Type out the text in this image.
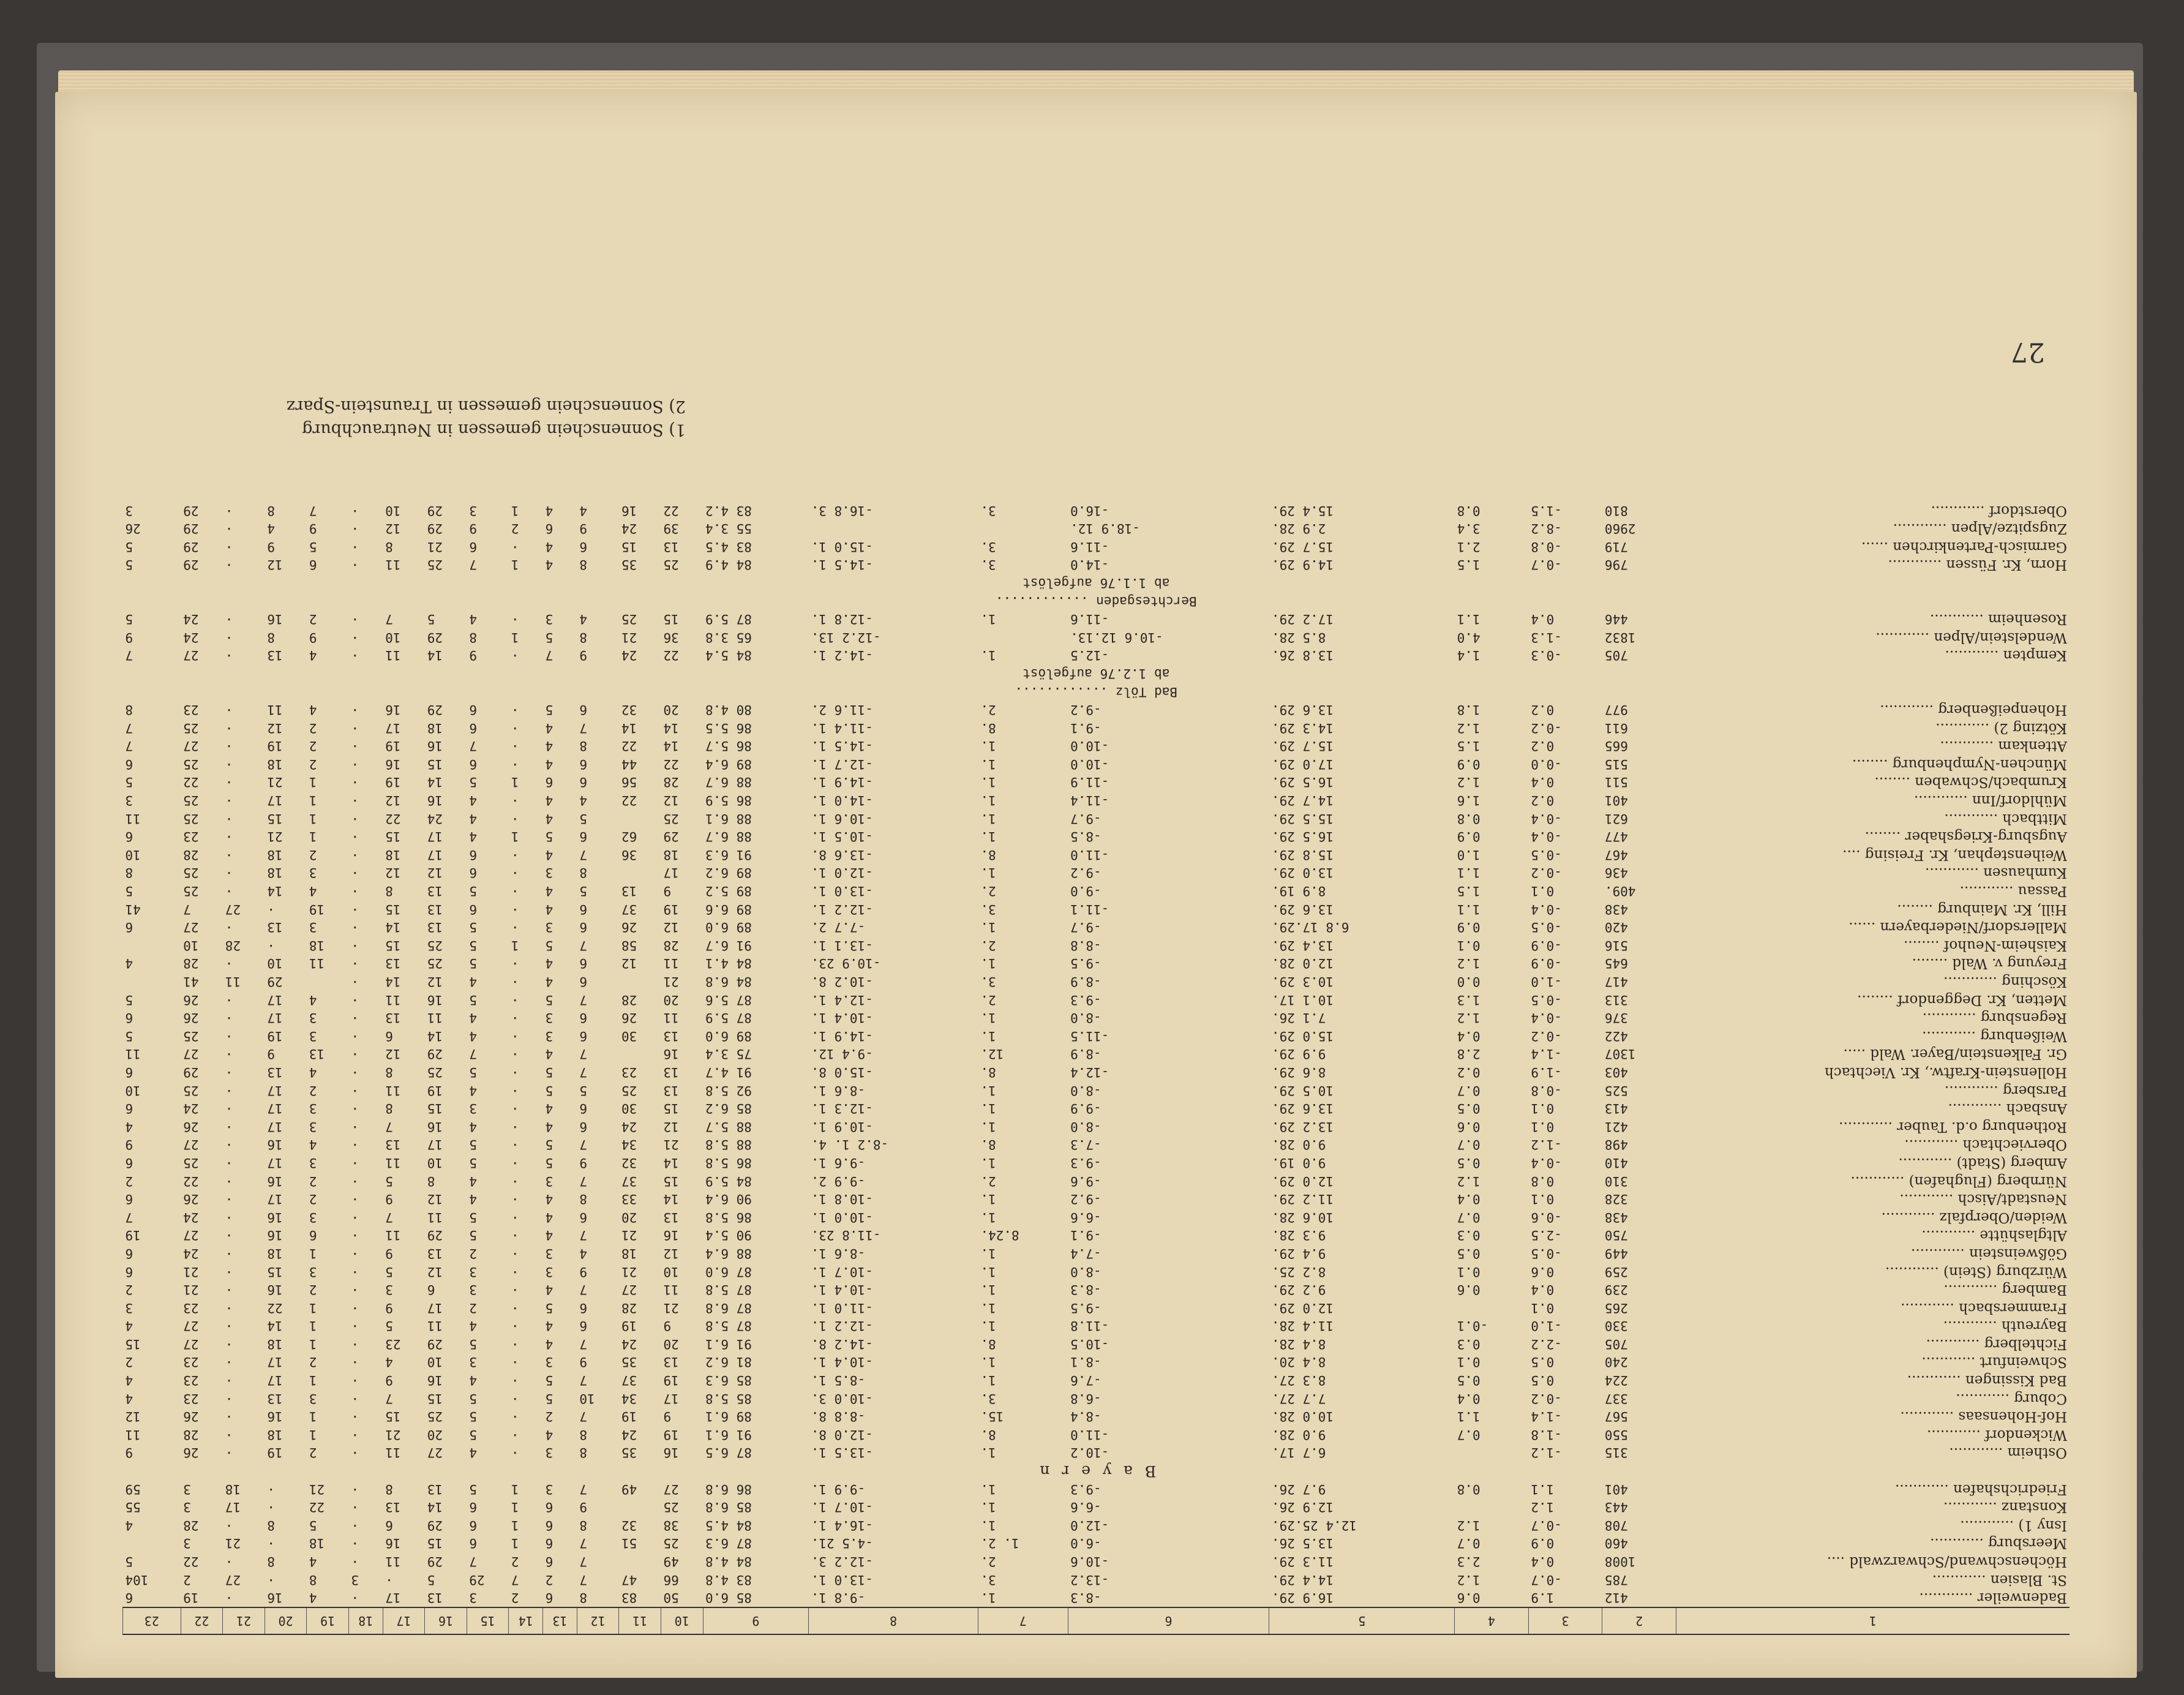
27
1) Sonnenschein gemessen in Neutrauchburg
2) Sonnenschein gemessen in Traunstein-Sparz
1	2	3	4	5	6	7	8	9	10	11	12	13	14	15	16	17	18	19	20	21	22	23
Badenweiler ............	412	1.9	0.6	16.9 29.	-8.3	1.	-9.8 1.	85 6.0	50	83	8	6	2	3	13	17	·	4	16	·	19	6
St. Blasien ............	785	-0.7	1.2	14.4 29.	-13.2	3.	-13.0 1.	83 4.8	66	47	7	2	7	29	5	·	3	8	·	27	2	104
Höchenschwand/Schwarzwald ....	1008	0.4	2.3	11.3 29.	-10.6	2.	-12.2 3.	84 4.8	49		7	6	2	7	29	11	·	4	8	·	22	5
Meersburg ............	460	0.9	0.7	13.5 26.	-6.0	1. 2.	-4.5 21.	87 6.3	25	51	7	6	1	6	15	16	·	18	·	21	3	
Isny 1) ............	708	-0.7	1.2	12.4 25.29.	-12.0	1.	-16.4 1.	84 4.5	38	32	8	6	1	6	29	6	·	5	8	·	28	4
Konstanz ............	443	1.2		12.9 26.	-6.6	1.	-10.7 1.	85 6.8	25		9	6	1	6	14	13	·	22	·	17	3	55
Friedrichshafen ............	401	1.1	0.8	9.7 26.	-9.3	1.	-9.9 1.	86 6.8	27	49	7	3	1	5	13	8	·	21	·	18	3	59
B a y e r n																						
Ostheim ............	315	-1.2		6.7 17.	-10.2	1.	-13.5 1.	87 6.5	16	35	8	3	·	4	27	11	·	2	19	·	26	9
Wickendorf ............	550	-1.8	0.7	9.0 28.	-11.0	8.	-12.0 8.	91 6.1	19	24	8	4	·	5	20	21	·	1	18	·	28	11
Hof-Hohensaas ............	567	-1.4	1.1	10.0 28.	-8.4	15.	-8.8 8.	89 6.1	9	19	7	2	·	5	25	15	·	1	16	·	26	12
Coburg ............	337	-0.2	0.4	7.7 27.	-6.8	3.	-10.0 3.	85 5.8	17	34	10	5	·	5	15	7	·	3	13	·	23	4
Bad Kissingen ............	224	0.5	0.5	8.3 27.	-7.6	1.	-8.5 1.	85 6.3	19	37	7	5	·	4	16	9	·	1	17	·	23	4
Schweinfurt ............	240	0.5	0.1	8.4 20.	-8.1	1.	-10.4 1.	81 6.2	13	35	9	3	·	3	10	4	·	2	17	·	23	2
Fichtelberg ............	705	-2.2	0.3	8.4 28.	-10.5	8.	-14.2 8.	91 6.1	20	24	7	4	·	5	29	23	·	1	18	·	27	15
Bayreuth ............	330	-1.0	-0.1	11.4 28.	-11.8	1.	-12.2 1.	87 5.8	9	19	6	4	·	4	11	5	·	1	14	·	27	4
Frammersbach ............	265	0.1		12.0 29.	-9.5	1.	-11.0 1.	87 6.8	21	28	6	5	·	2	17	9	·	1	22	·	23	3
Bamberg ............	239	0.4	0.6	9.2 29.	-8.3	1.	-10.4 1.	87 5.8	11	27	7	4	·	3	6	3	·	2	16	·	21	2
Würzburg (Stein) ............	259	0.6	0.1	8.2 25.	-8.0	1.	-10.7 1.	87 6.0	10	21	9	3	·	3	12	5	·	3	15	·	21	6
Gößweinstein ............	449	-0.5	0.5	9.4 29.	-7.4	1.	-8.6 1.	88 6.4	12	18	4	3	·	2	13	9	·	1	18	·	24	6
Altglashütte ............	750	-2.5	0.3	9.3 28.	-9.1	8.24.	-11.8 23.	90 5.4	16	21	7	4	·	5	29	11	·	6	16	·	27	19
Weiden/Oberpfalz ............	438	-0.6	0.7	10.6 28.	-6.6	1.	-10.0 1.	86 5.8	13	20	6	4	·	5	11	7	·	3	16	·	24	7
Neustadt/Aisch ............	328	0.1	0.4	11.2 29.	-9.2	1.	-10.8 1.	90 6.4	14	33	8	4	·	4	12	9	·	2	17	·	26	6
Nürnberg (Flughafen) ............	310	0.8	1.2	12.0 29.	-9.6	2.	-9.9 2.	84 5.9	15	37	7	3	·	4	8	5	·	2	16	·	22	2
Amberg (Stadt) ............	410	-0.4	0.5	9.0 19.	-9.3	1.	-9.6 1.	86 5.8	14	32	9	5	·	5	10	11	·	3	17	·	25	6
Oberviechtach ............	498	-1.2	0.7	9.0 28.	-7.3	8.	-8.2 1. 4.	88 5.8	21	34	7	5	·	5	17	13	·	4	16	·	27	9
Rothenburg o.d. Tauber ............	421	0.1	0.6	13.2 29.	-8.0	1.	-10.9 1.	88 5.7	12	24	6	4	·	4	16	7	·	3	17	·	26	4
Ansbach ............	413	0.1	0.5	13.6 29.	-9.9	1.	-12.3 1.	85 6.2	15	30	6	4	·	3	15	8	·	3	17	·	24	6
Parsberg ............	525	-0.8	0.7	10.5 29.	-8.0	1.	-8.6 1.	92 5.8	13	25	5	5	·	4	19	11	·	2	17	·	25	10
Hollenstein-Kraftw., Kr. Viechtach	403	-1.9	0.2	8.6 29.	-12.4	8.	-15.0 8.	91 4.7	13	23	7	5	·	5	25	8	·	4	13	·	29	6
Gr. Falkenstein/Bayer. Wald .....	1307	-1.4	2.8	9.9 29.	-8.9	12.	-9.4 12.	75 3.4	16		7	4	·	7	29	12	·	13	9	·	27	11
Weißenburg ............	422	-0.2	0.4	15.0 29.	-11.5	1.	-14.9 1.	89 6.0	13	30	6	3	·	4	14	6	·	3	19	·	25	5
Regensburg ............	376	-0.4	1.2	7.1 26.	-8.0	1.	-10.4 1.	87 5.9	11	26	6	3	·	4	11	13	·	3	17	·	26	6
Metten, Kr. Deggendorf ........	313	-0.5	1.3	10.1 17.	-9.3	2.	-12.4 1.	87 5.6	20	28	7	5	·	5	16	11	·	4	17	·	26	5
Kösching ............	417	-1.0	0.0	10.3 29.	-8.9	3.	-10.2 8.	84 6.8	21		6	4	·	4	12	14	·		29	11	41	
Freyung v. Wald ........	645	-0.9	1.2	12.0 28.	-9.5	1.	-10.9 23.	84 4.1	11	12	6	4	·	5	25	13	·	11	10	·	28	4
Kaisheim-Neuhof ........	516	-0.9	0.1	13.4 29.	-8.8	2.	-13.1 1.	91 6.7	28	58	7	5	1	5	25	15	·	18	·	28	10	
Mallersdorf/Niederbayern ......	420	-0.5	0.9	6.8 17.29.	-9.7	1.	-7.7 2.	89 6.0	12	26	6	3	·	5	13	14	·	3	13	·	27	6
Hill, Kr. Mainburg ........	438	-0.4	1.1	13.6 29.	-11.1	3.	-12.2 1.	89 6.6	19	37	6	4	·	6	13	15	·	19	·	27	7	41
Passau ............	409.	0.1	1.5	8.9 19.	-9.0	2.	-13.0 1.	89 5.2	9	13	5	4	·	5	13	8	·	4	14	·	25	5
Kumhausen ............	436	-0.2	1.1	13.0 29.	-9.2	1.	-12.0 1.	89 6.2	17		8	3	·	6	12	12	·	3	18	·	25	8
Weihenstephan, Kr. Freising ....	467	-0.5	1.0	15.8 29.	-11.0	8.	-13.6 8.	91 6.3	18	36	7	4	·	6	17	18	·	2	18	·	28	10
Augsburg-Kriegshaber ........	477	-0.4	0.9	16.5 29.	-8.5	1.	-10.5 1.	88 6.7	29	62	6	5	1	4	17	15	·	1	21	·	23	6
Mittbach ............	621	-0.4	0.8	15.5 29.	-9.7	1.	-10.6 1.	88 6.1	25		5	4	·	4	24	22	·	1	15	·	25	11
Mühldorf/Inn ............	401	0.2	1.6	14.7 29.	-11.4	1.	-14.0 1.	86 5.9	12	22	4	4	·	4	16	12	·	1	17	·	25	3
Krumbach/Schwaben ........	511	0.4	1.2	16.5 29.	-11.9	1.	-14.9 1.	88 6.7	28	56	6	6	1	5	14	19	·	1	21	·	22	5
München-Nymphenburg ........	515	-0.0	0.9	17.0 29.	-10.0	1.	-12.7 1.	89 6.4	22	44	6	4	·	6	15	16	·	2	18	·	25	6
Attenkam ............	665	0.2	1.5	15.7 29.	-10.0	1.	-14.5 1.	86 5.7	14	22	8	4	·	7	16	19	·	2	19	·	27	7
Kötzing 2) ............	611	-0.2	1.2	14.3 29.	-9.1	8.	-11.4 1.	86 5.5	14	14	7	4	·	6	18	17	·	2	12	·	25	7
Hohenpeißenberg ............	977	0.2	1.8	13.6 29.	-9.2	2.	-11.6 2.	80 4.8	20	32	6	5	·	6	29	16	·	4	11	·	23	8
Bad Tölz ............																						
ab 1.2.76 aufgelöst																						
Kempten ............	705	-0.3	1.4	13.8 26.	-12.5	1.	-14.2 1.	84 5.4	22	24	9	7	·	9	14	11	·	4	13	·	27	7
Wendelstein/Alpen ............	1832	-1.3	4.0	8.5 28.	-10.6 12.13.		-12.2 13.	65 3.8	36	21	8	5	1	8	29	10	·	9	8	·	24	9
Rosenheim ............	446	0.4	1.1	17.2 29.	-11.6	1.	-12.8 1.	87 5.9	15	25	4	3	·	4	5	7	·	2	16	·	24	5
Berchtesgaden ............																						
ab 1.1.76 aufgelöst																						
Horn, Kr. Füssen ............	796	-0.7	1.5	14.9 29.	-14.0	3.	-14.5 1.	84 4.9	25	35	8	4	1	7	25	11	·	6	12	·	29	5
Garmisch-Partenkirchen ......	719	-0.8	2.1	15.7 29.	-11.6	3.	-15.0 1.	83 4.5	13	15	6	4	·	6	21	8	·	5	9	·	29	5
Zugspitze/Alpen ............	2960	-8.2	3.4	2.9 28.	-18.9 12.			55 3.4	39	24	9	6	2	9	29	12	·	9	4	·	29	26
Oberstdorf ............	810	-1.5	0.8	15.4 29.	-16.0	3.	-16.8 3.	83 4.2	22	16	4	4	1	3	29	10	·	7	8	·	29	3
